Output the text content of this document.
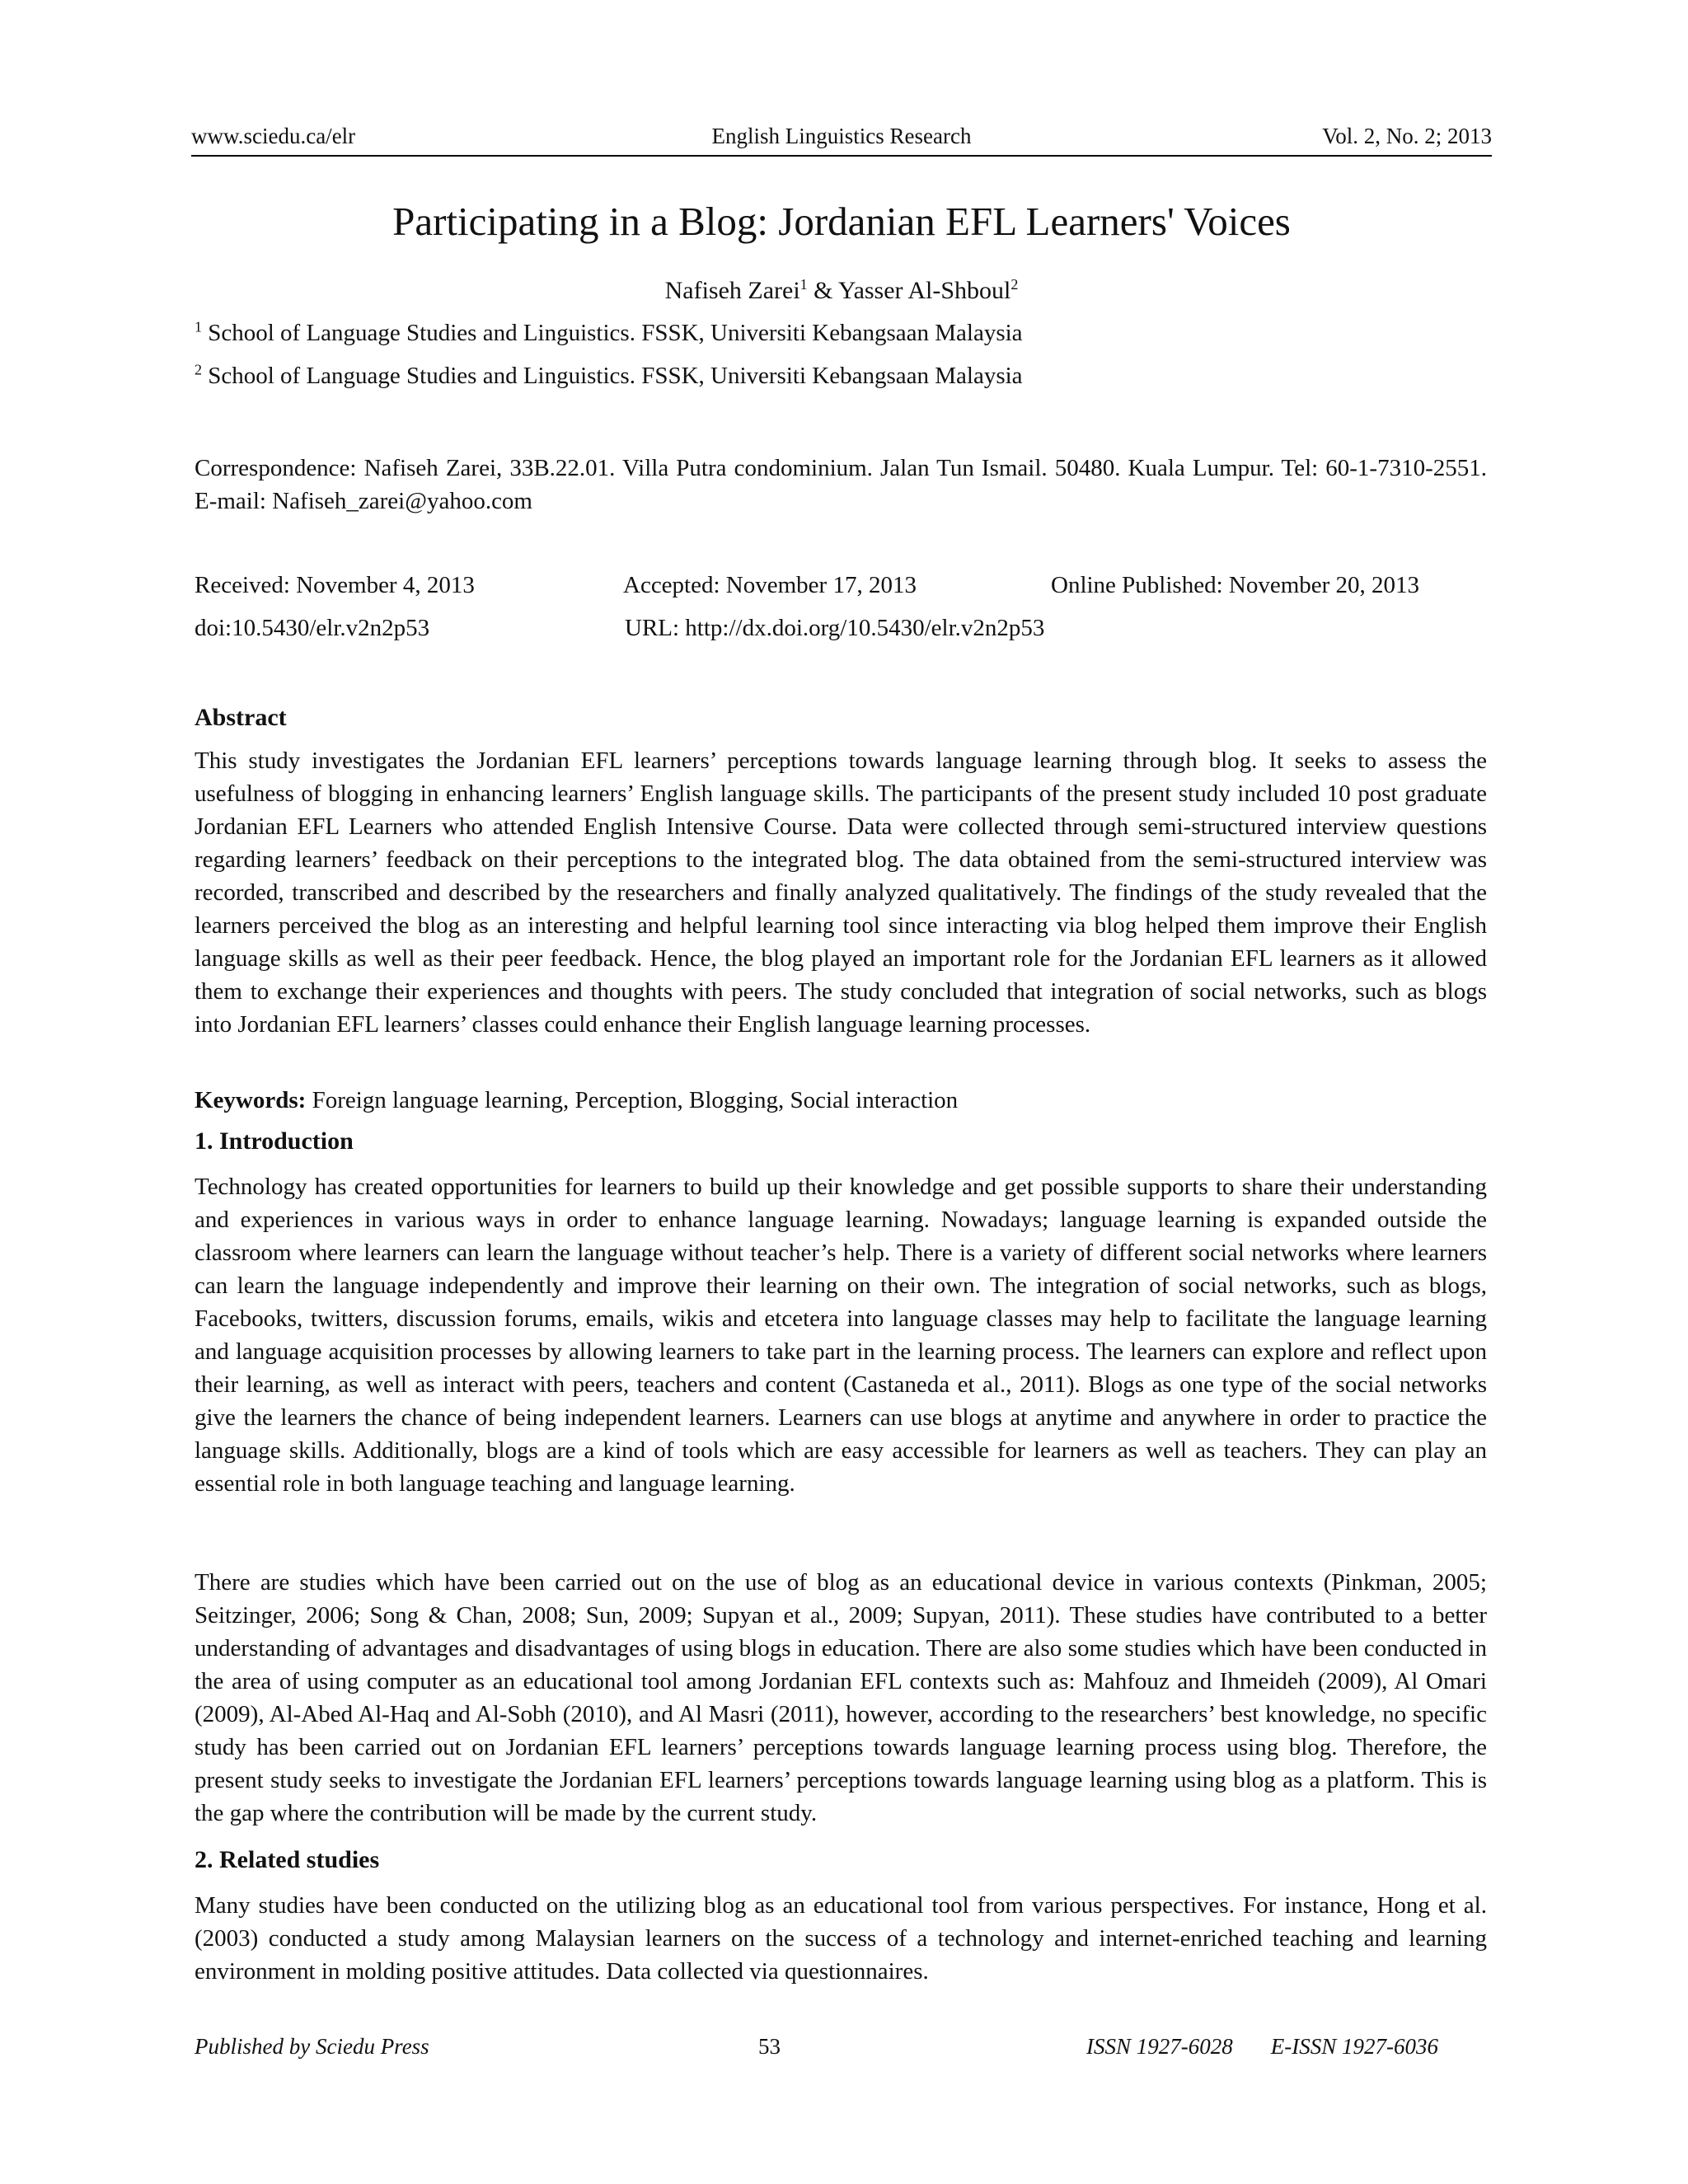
www.sciedu.ca/elr	English Linguistics Research	Vol. 2, No. 2; 2013
Participating in a Blog: Jordanian EFL Learners' Voices
Nafiseh Zarei$^1$ & Yasser Al-Shboul$^2$
$^1$ School of Language Studies and Linguistics. FSSK, Universiti Kebangsaan Malaysia
$^2$ School of Language Studies and Linguistics. FSSK, Universiti Kebangsaan Malaysia
Correspondence: Nafiseh Zarei, 33B.22.01. Villa Putra condominium. Jalan Tun Ismail. 50480. Kuala Lumpur. Tel: 60-1-7310-2551. E-mail: Nafiseh_zarei@yahoo.com
Received: November 4, 2013	Accepted: November 17, 2013	Online Published: November 20, 2013
doi:10.5430/elr.v2n2p53	URL: http://dx.doi.org/10.5430/elr.v2n2p53
Abstract
This study investigates the Jordanian EFL learners’ perceptions towards language learning through blog. It seeks to assess the usefulness of blogging in enhancing learners’ English language skills. The participants of the present study included 10 post graduate Jordanian EFL Learners who attended English Intensive Course. Data were collected through semi-structured interview questions regarding learners’ feedback on their perceptions to the integrated blog. The data obtained from the semi-structured interview was recorded, transcribed and described by the researchers and finally analyzed qualitatively. The findings of the study revealed that the learners perceived the blog as an interesting and helpful learning tool since interacting via blog helped them improve their English language skills as well as their peer feedback. Hence, the blog played an important role for the Jordanian EFL learners as it allowed them to exchange their experiences and thoughts with peers. The study concluded that integration of social networks, such as blogs into Jordanian EFL learners’ classes could enhance their English language learning processes.
Keywords: Foreign language learning, Perception, Blogging, Social interaction
1. Introduction
Technology has created opportunities for learners to build up their knowledge and get possible supports to share their understanding and experiences in various ways in order to enhance language learning. Nowadays; language learning is expanded outside the classroom where learners can learn the language without teacher’s help. There is a variety of different social networks where learners can learn the language independently and improve their learning on their own. The integration of social networks, such as blogs, Facebooks, twitters, discussion forums, emails, wikis and etcetera into language classes may help to facilitate the language learning and language acquisition processes by allowing learners to take part in the learning process. The learners can explore and reflect upon their learning, as well as interact with peers, teachers and content (Castaneda et al., 2011). Blogs as one type of the social networks give the learners the chance of being independent learners. Learners can use blogs at anytime and anywhere in order to practice the language skills. Additionally, blogs are a kind of tools which are easy accessible for learners as well as teachers. They can play an essential role in both language teaching and language learning.
There are studies which have been carried out on the use of blog as an educational device in various contexts (Pinkman, 2005; Seitzinger, 2006; Song & Chan, 2008; Sun, 2009; Supyan et al., 2009; Supyan, 2011). These studies have contributed to a better understanding of advantages and disadvantages of using blogs in education. There are also some studies which have been conducted in the area of using computer as an educational tool among Jordanian EFL contexts such as: Mahfouz and Ihmeideh (2009), Al Omari (2009), Al-Abed Al-Haq and Al-Sobh (2010), and Al Masri (2011), however, according to the researchers’ best knowledge, no specific study has been carried out on Jordanian EFL learners’ perceptions towards language learning process using blog. Therefore, the present study seeks to investigate the Jordanian EFL learners’ perceptions towards language learning using blog as a platform. This is the gap where the contribution will be made by the current study.
2. Related studies
Many studies have been conducted on the utilizing blog as an educational tool from various perspectives. For instance, Hong et al. (2003) conducted a study among Malaysian learners on the success of a technology and internet-enriched teaching and learning environment in molding positive attitudes. Data collected via questionnaires.
Published by Sciedu Press	53	ISSN 1927-6028 E-ISSN 1927-6036
